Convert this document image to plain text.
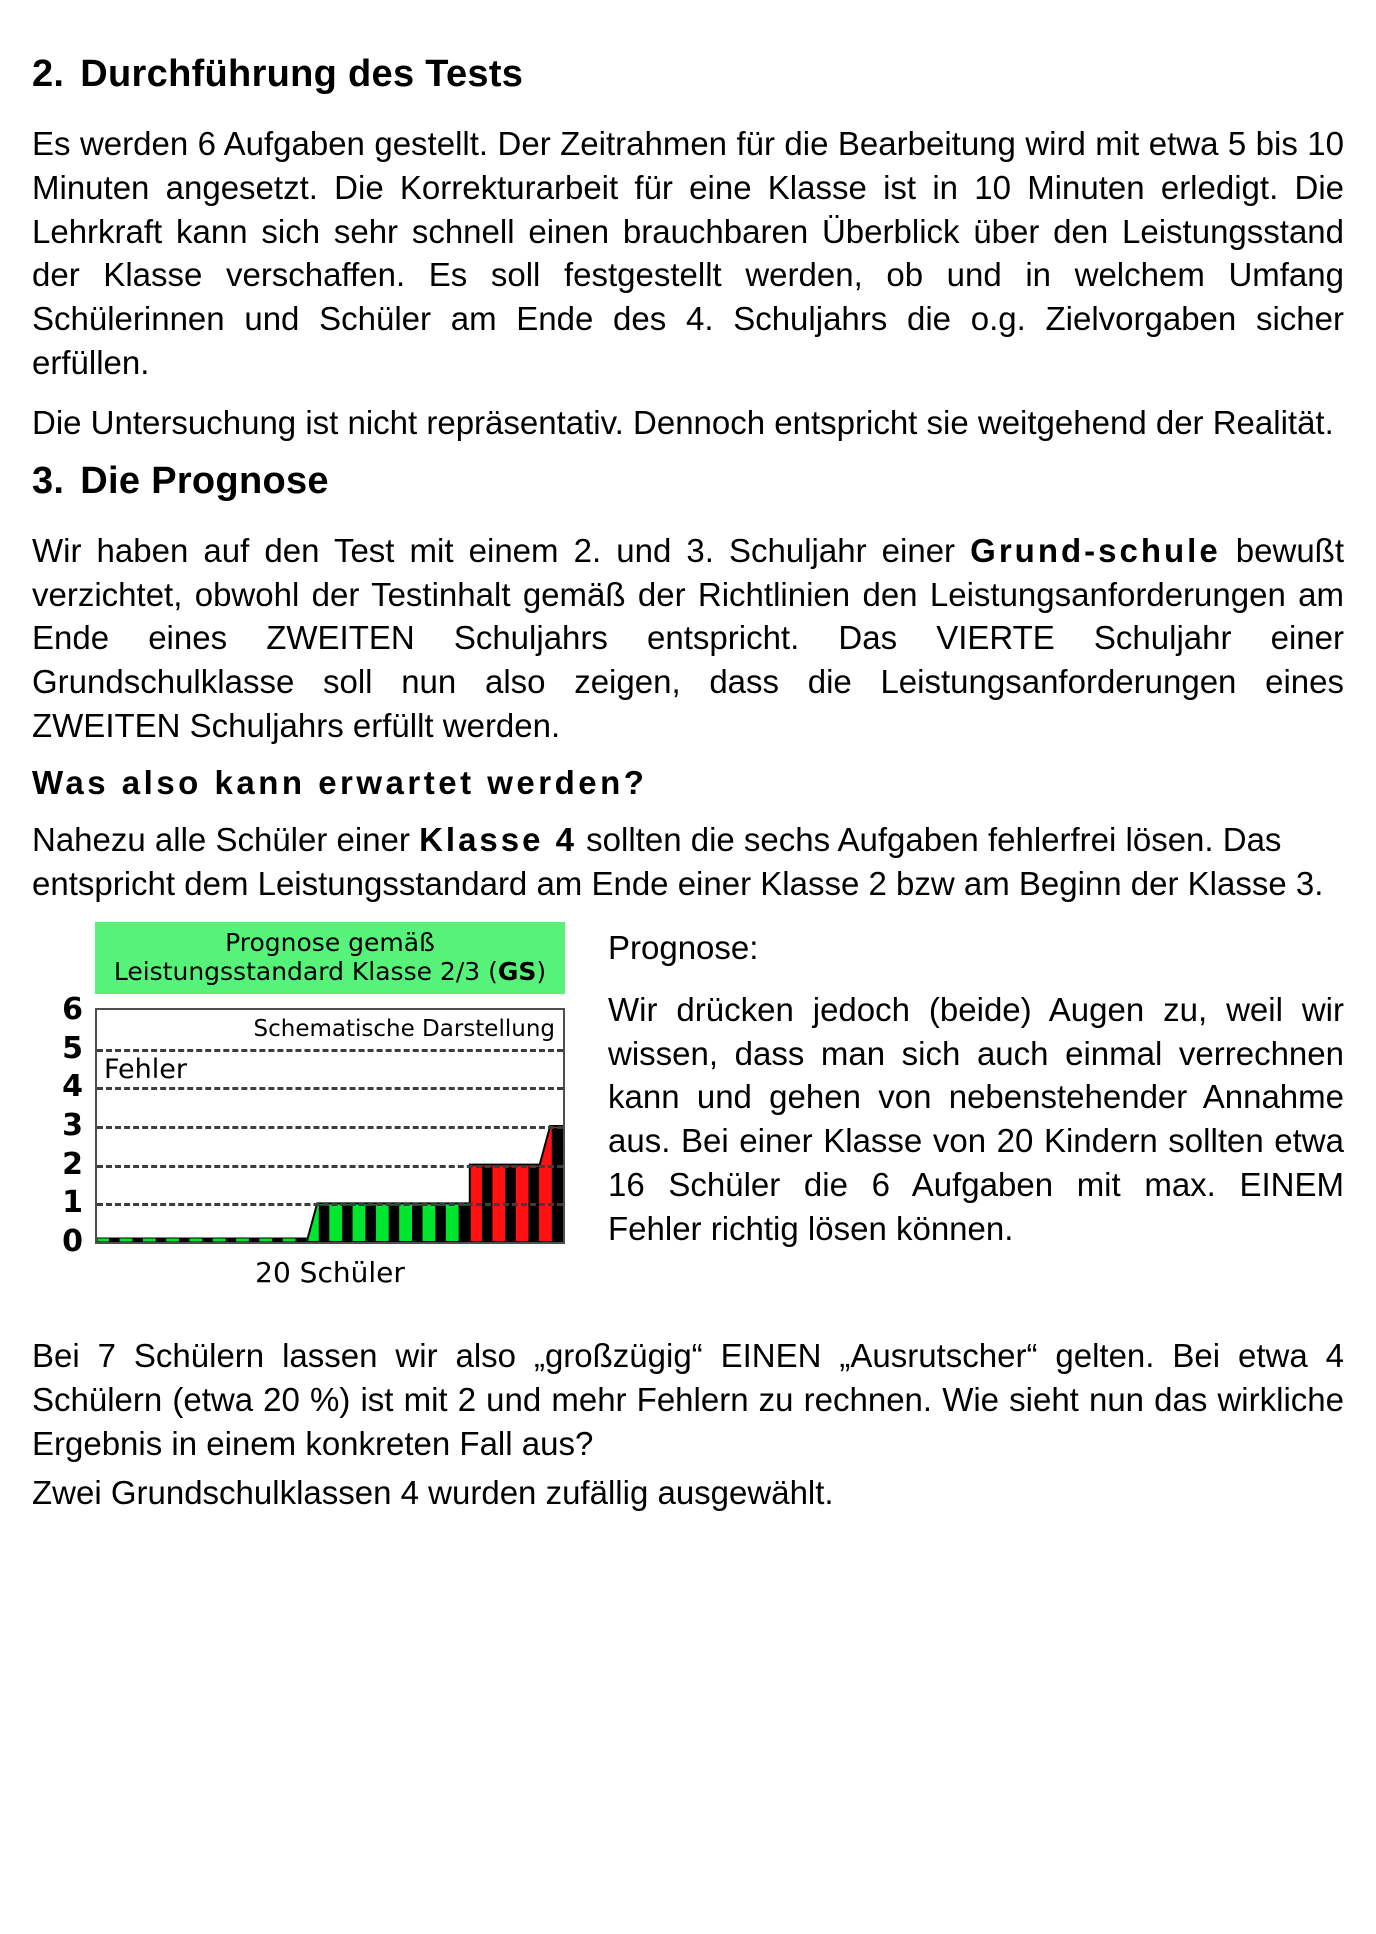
2. Durchführung des Tests

Es werden 6 Aufgaben gestellt. Der Zeitrahmen für die Bearbeitung wird mit etwa 5 bis 10 Minuten angesetzt. Die Korrekturarbeit für eine Klasse ist in 10 Minuten erledigt. Die Lehrkraft kann sich sehr schnell einen brauchbaren Überblick über den Leistungsstand der Klasse verschaffen. Es soll festgestellt werden, ob und in welchem Umfang Schülerinnen und Schüler am Ende des 4. Schuljahrs die o.g. Zielvorgaben sicher erfüllen.

Die Untersuchung ist nicht repräsentativ. Dennoch entspricht sie weitgehend der Realität.

3. Die Prognose

Wir haben auf den Test mit einem 2. und 3. Schuljahr einer Grund-schule bewußt verzichtet, obwohl der Testinhalt gemäß der Richtlinien den Leistungsanforderungen am Ende eines ZWEITEN Schuljahrs entspricht. Das VIERTE Schuljahr einer Grundschulklasse soll nun also zeigen, dass die Leistungsanforderungen eines ZWEITEN Schuljahrs erfüllt werden.

Was also kann erwartet werden?

Nahezu alle Schüler einer Klasse 4 sollten die sechs Aufgaben fehlerfrei lösen. Das entspricht dem Leistungsstandard am Ende einer Klasse 2 bzw am Beginn der Klasse 3.

Prognose gemäß
Leistungsstandard Klasse 2/3 (GS)
6
5
4
3
2
1
0
Schematische Darstellung
Fehler
20 Schüler

Prognose:

Wir drücken jedoch (beide) Augen zu, weil wir wissen, dass man sich auch einmal verrechnen kann und gehen von nebenstehender Annahme aus. Bei einer Klasse von 20 Kindern sollten etwa 16 Schüler die 6 Aufgaben mit max. EINEM Fehler richtig lösen können.

Bei 7 Schülern lassen wir also „großzügig“ EINEN „Ausrutscher“ gelten. Bei etwa 4 Schülern (etwa 20 %) ist mit 2 und mehr Fehlern zu rechnen. Wie sieht nun das wirkliche Ergebnis in einem konkreten Fall aus?

Zwei Grundschulklassen 4 wurden zufällig ausgewählt.
